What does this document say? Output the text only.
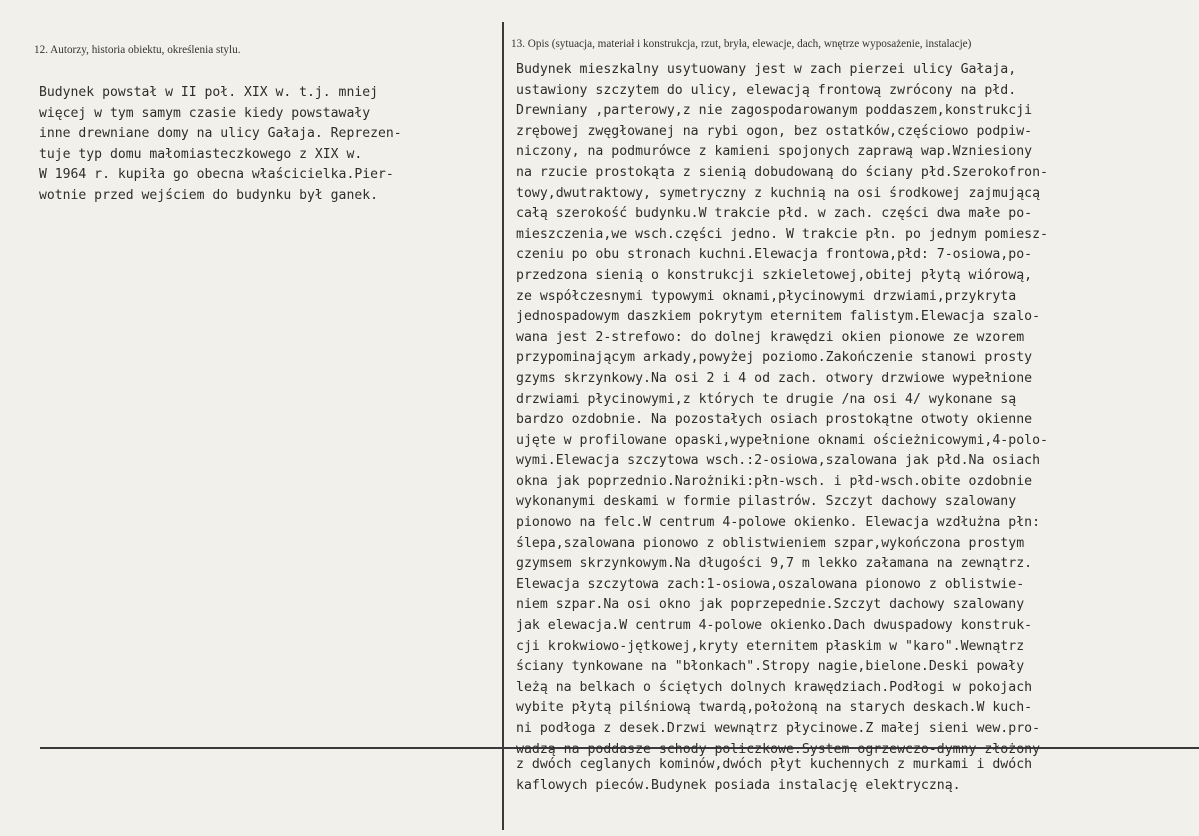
12. Autorzy, historia obiektu, określenia stylu.	13. Opis (sytuacja, materiał i konstrukcja, rzut, bryła, elewacje, dach, wnętrze wyposażenie, instalacje)
Budynek powstał w II poł. XIX w. t.j. mniej
więcej w tym samym czasie kiedy powstawały
inne drewniane domy na ulicy Gałaja. Reprezen-
tuje typ domu małomiasteczkowego z XIX w.
W 1964 r. kupiła go obecna właścicielka.Pier-
wotnie przed wejściem do budynku był ganek.
Budynek mieszkalny usytuowany jest w zach pierzei ulicy Gałaja,
ustawiony szczytem do ulicy, elewacją frontową zwrócony na płd.
Drewniany ,parterowy,z nie zagospodarowanym poddaszem,konstrukcji
zrębowej zwęgłowanej na rybi ogon, bez ostatków,częściowo podpiw-
niczony, na podmurówce z kamieni spojonych zaprawą wap.Wzniesiony
na rzucie prostokąta z sienią dobudowaną do ściany płd.Szerokofron-
towy,dwutraktowy, symetryczny z kuchnią na osi środkowej zajmującą
całą szerokość budynku.W trakcie płd. w zach. części dwa małe po-
mieszczenia,we wsch.części jedno. W trakcie płn. po jednym pomiesz-
czeniu po obu stronach kuchni.Elewacja frontowa,płd: 7-osiowa,po-
przedzona sienią o konstrukcji szkieletowej,obitej płytą wiórową,
ze współczesnymi typowymi oknami,płycinowymi drzwiami,przykryta
jednospadowym daszkiem pokrytym eternitem falistym.Elewacja szalo-
wana jest 2-strefowo: do dolnej krawędzi okien pionowe ze wzorem
przypominającym arkady,powyżej poziomo.Zakończenie stanowi prosty
gzyms skrzynkowy.Na osi 2 i 4 od zach. otwory drzwiowe wypełnione
drzwiami płycinowymi,z których te drugie /na osi 4/ wykonane są
bardzo ozdobnie. Na pozostałych osiach prostokątne otwoty okienne
ujęte w profilowane opaski,wypełnione oknami ościeżnicowymi,4-polo-
wymi.Elewacja szczytowa wsch.:2-osiowa,szalowana jak płd.Na osiach
okna jak poprzednio.Narożniki:płn-wsch. i płd-wsch.obite ozdobnie
wykonanymi deskami w formie pilastrów. Szczyt dachowy szalowany
pionowo na felc.W centrum 4-polowe okienko. Elewacja wzdłużna płn:
ślepa,szalowana pionowo z oblistwieniem szpar,wykończona prostym
gzymsem skrzynkowym.Na długości 9,7 m lekko załamana na zewnątrz.
Elewacja szczytowa zach:1-osiowa,oszalowana pionowo z oblistwie-
niem szpar.Na osi okno jak poprzepednie.Szczyt dachowy szalowany
jak elewacja.W centrum 4-polowe okienko.Dach dwuspadowy konstruk-
cji krokwiowo-jętkowej,kryty eternitem płaskim w "karo".Wewnątrz
ściany tynkowane na "błonkach".Stropy nagie,bielone.Deski powały
leżą na belkach o ściętych dolnych krawędziach.Podłogi w pokojach
wybite płytą pilśniową twardą,położoną na starych deskach.W kuch-
ni podłoga z desek.Drzwi wewnątrz płycinowe.Z małej sieni wew.pro-
wadzą na poddasze schody policzkowe.System ogrzewczo-dymny złożony
z dwóch ceglanych kominów,dwóch płyt kuchennych z murkami i dwóch
kaflowych pieców.Budynek posiada instalację elektryczną.
